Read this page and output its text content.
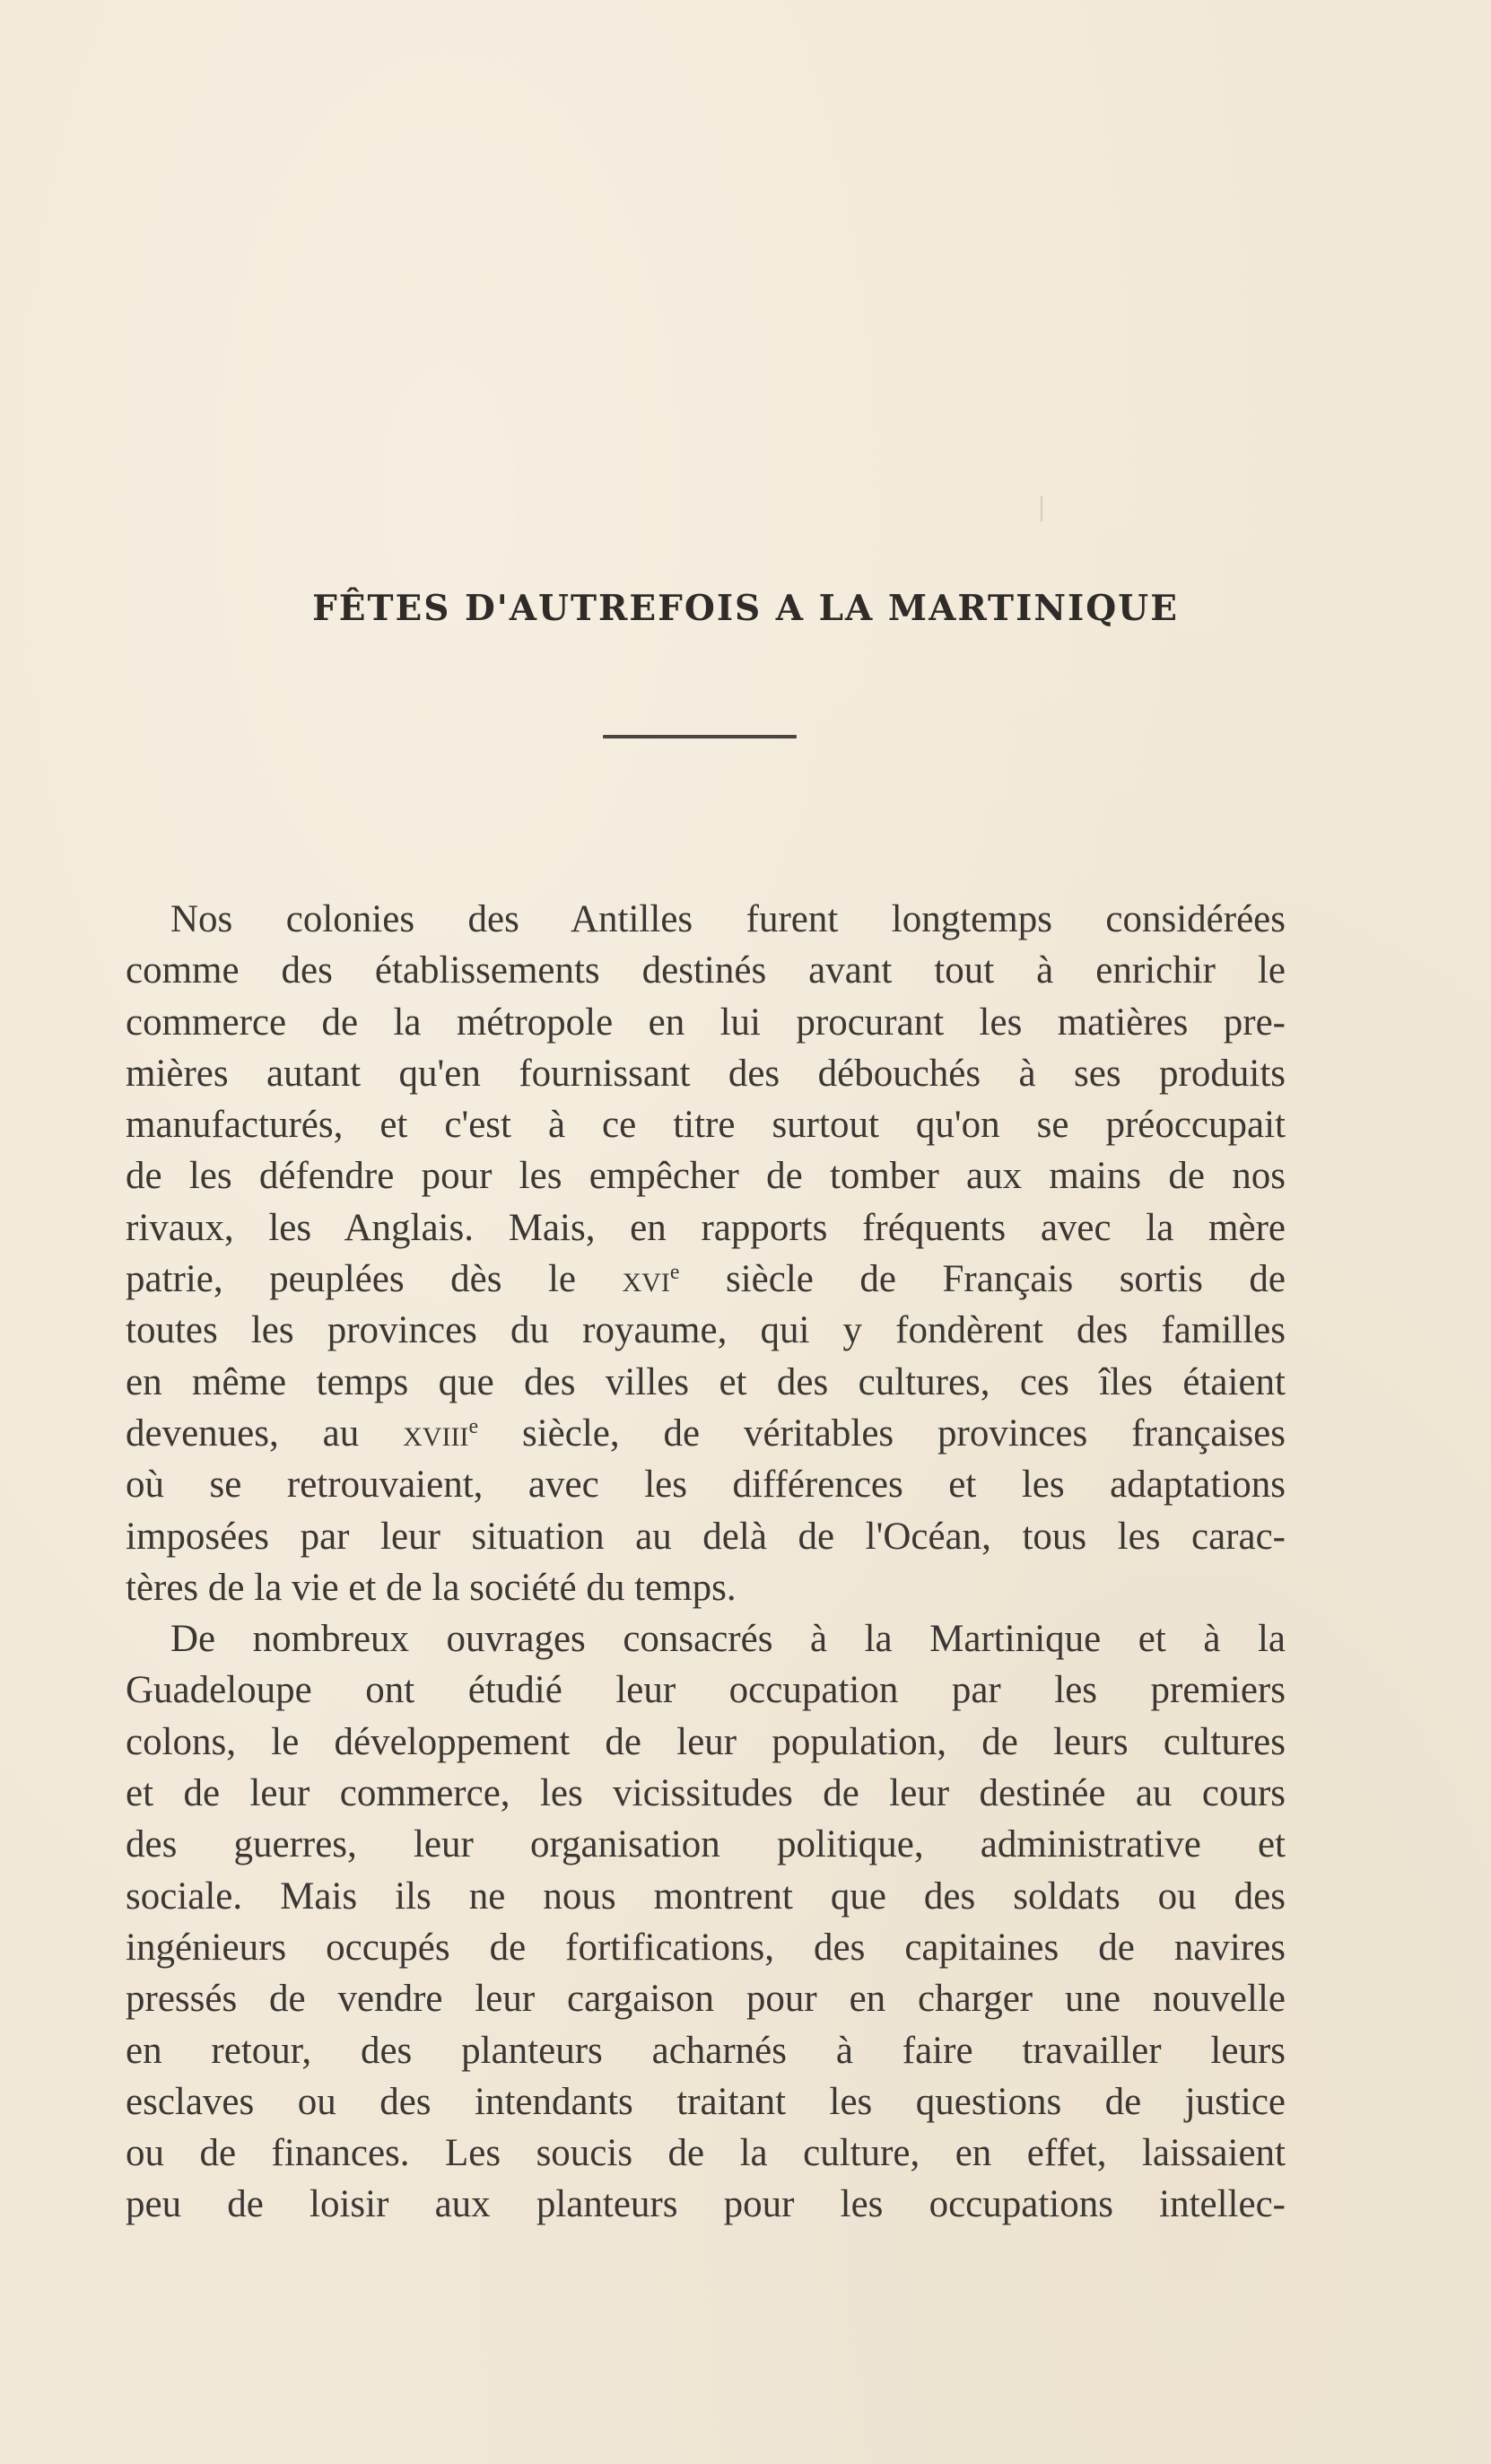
FÊTES D'AUTREFOIS A LA MARTINIQUE
Nos colonies des Antilles furent longtemps considérées
comme des établissements destinés avant tout à enrichir le
commerce de la métropole en lui procurant les matières pre-
mières autant qu'en fournissant des débouchés à ses produits
manufacturés, et c'est à ce titre surtout qu'on se préoccupait
de les défendre pour les empêcher de tomber aux mains de nos
rivaux, les Anglais. Mais, en rapports fréquents avec la mère
patrie, peuplées dès le xvi$^e$ siècle de Français sortis de
toutes les provinces du royaume, qui y fondèrent des familles
en même temps que des villes et des cultures, ces îles étaient
devenues, au xviii$^e$ siècle, de véritables provinces françaises
où se retrouvaient, avec les différences et les adaptations
imposées par leur situation au delà de l'Océan, tous les carac-
tères de la vie et de la société du temps.
De nombreux ouvrages consacrés à la Martinique et à la
Guadeloupe ont étudié leur occupation par les premiers
colons, le développement de leur population, de leurs cultures
et de leur commerce, les vicissitudes de leur destinée au cours
des guerres, leur organisation politique, administrative et
sociale. Mais ils ne nous montrent que des soldats ou des
ingénieurs occupés de fortifications, des capitaines de navires
pressés de vendre leur cargaison pour en charger une nouvelle
en retour, des planteurs acharnés à faire travailler leurs
esclaves ou des intendants traitant les questions de justice
ou de finances. Les soucis de la culture, en effet, laissaient
peu de loisir aux planteurs pour les occupations intellec-
